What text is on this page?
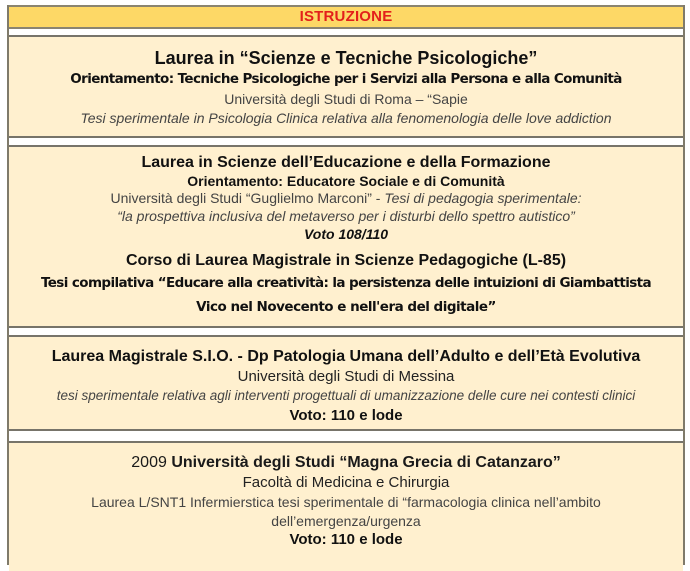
ISTRUZIONE
Laurea in “Scienze e Tecniche Psicologiche”
Orientamento: Tecniche Psicologiche per i Servizi alla Persona e alla Comunità
Università degli Studi di Roma – “Sapie
Tesi sperimentale in Psicologia Clinica relativa alla fenomenologia delle love addiction
Laurea in Scienze dell’Educazione e della Formazione
Orientamento: Educatore Sociale e di Comunità
Università degli Studi “Guglielmo Marconi” - Tesi di pedagogia sperimentale:
“la prospettiva inclusiva del metaverso per i disturbi dello spettro autistico”
Voto 108/110
Corso di Laurea Magistrale in Scienze Pedagogiche (L-85)
Tesi compilativa “Educare alla creatività: la persistenza delle intuizioni di Giambattista
Vico nel Novecento e nell'era del digitale”
Laurea Magistrale S.I.O. - Dp Patologia Umana dell’Adulto e dell’Età Evolutiva
Università degli Studi di Messina
tesi sperimentale relativa agli interventi progettuali di umanizzazione delle cure nei contesti clinici
Voto: 110 e lode
2009 Università degli Studi “Magna Grecia di Catanzaro”
Facoltà di Medicina e Chirurgia
Laurea L/SNT1 Infermierstica tesi sperimentale di “farmacologia clinica nell’ambito
dell’emergenza/urgenza
Voto: 110 e lode
